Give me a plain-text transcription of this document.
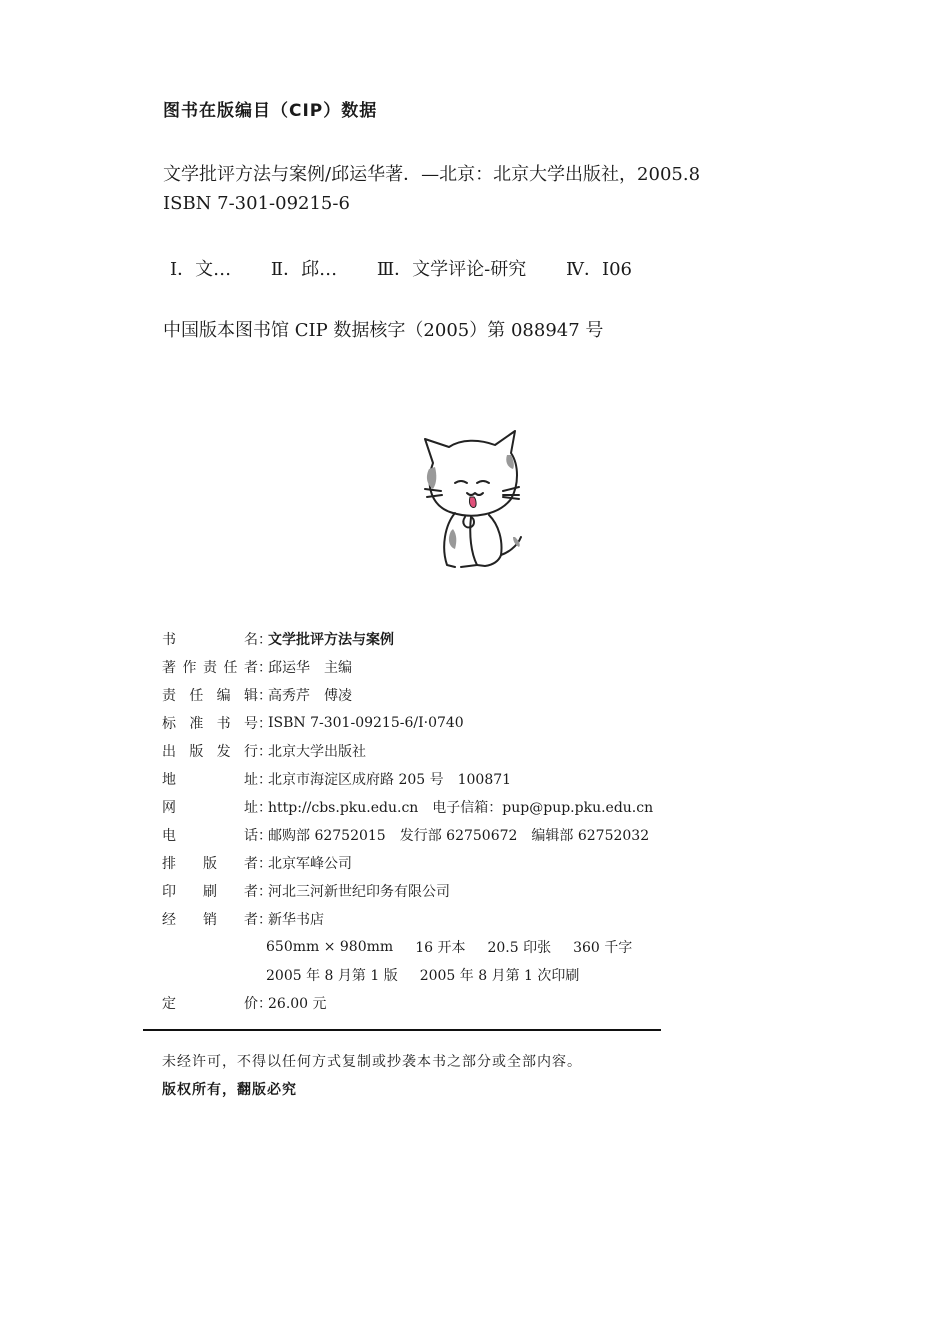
图书在版编目（CIP）数据
文学批评方法与案例/邱运华著．—北京：北京大学出版社，2005.8
ISBN 7-301-09215-6
Ⅰ．文… Ⅱ．邱… Ⅲ．文学评论-研究 Ⅳ．I06
中国版本图书馆 CIP 数据核字（2005）第 088947 号
书	名 ：
文学批评方法与案例
著 作 责 任 者 ：
邱运华　主编
责 任 编 辑 ：
高秀芹　傅凌
标 准 书 号 ：
ISBN 7-301-09215-6/I·0740
出 版 发 行 ：
北京大学出版社
地	址 ：
北京市海淀区成府路 205 号　100871
网	址 ：
http://cbs.pku.edu.cn　电子信箱：pup@pup.pku.edu.cn
电	话 ：
邮购部 62752015　发行部 62750672　编辑部 62752032
排 版 者 ：
北京军峰公司
印 刷 者 ：
河北三河新世纪印务有限公司
经 销 者 ：
新华书店
650mm × 980mm 16 开本 20.5 印张 360 千字
2005 年 8 月第 1 版 2005 年 8 月第 1 次印刷
定	价 ：
26.00 元
未经许可，不得以任何方式复制或抄袭本书之部分或全部内容。
版权所有，翻版必究
